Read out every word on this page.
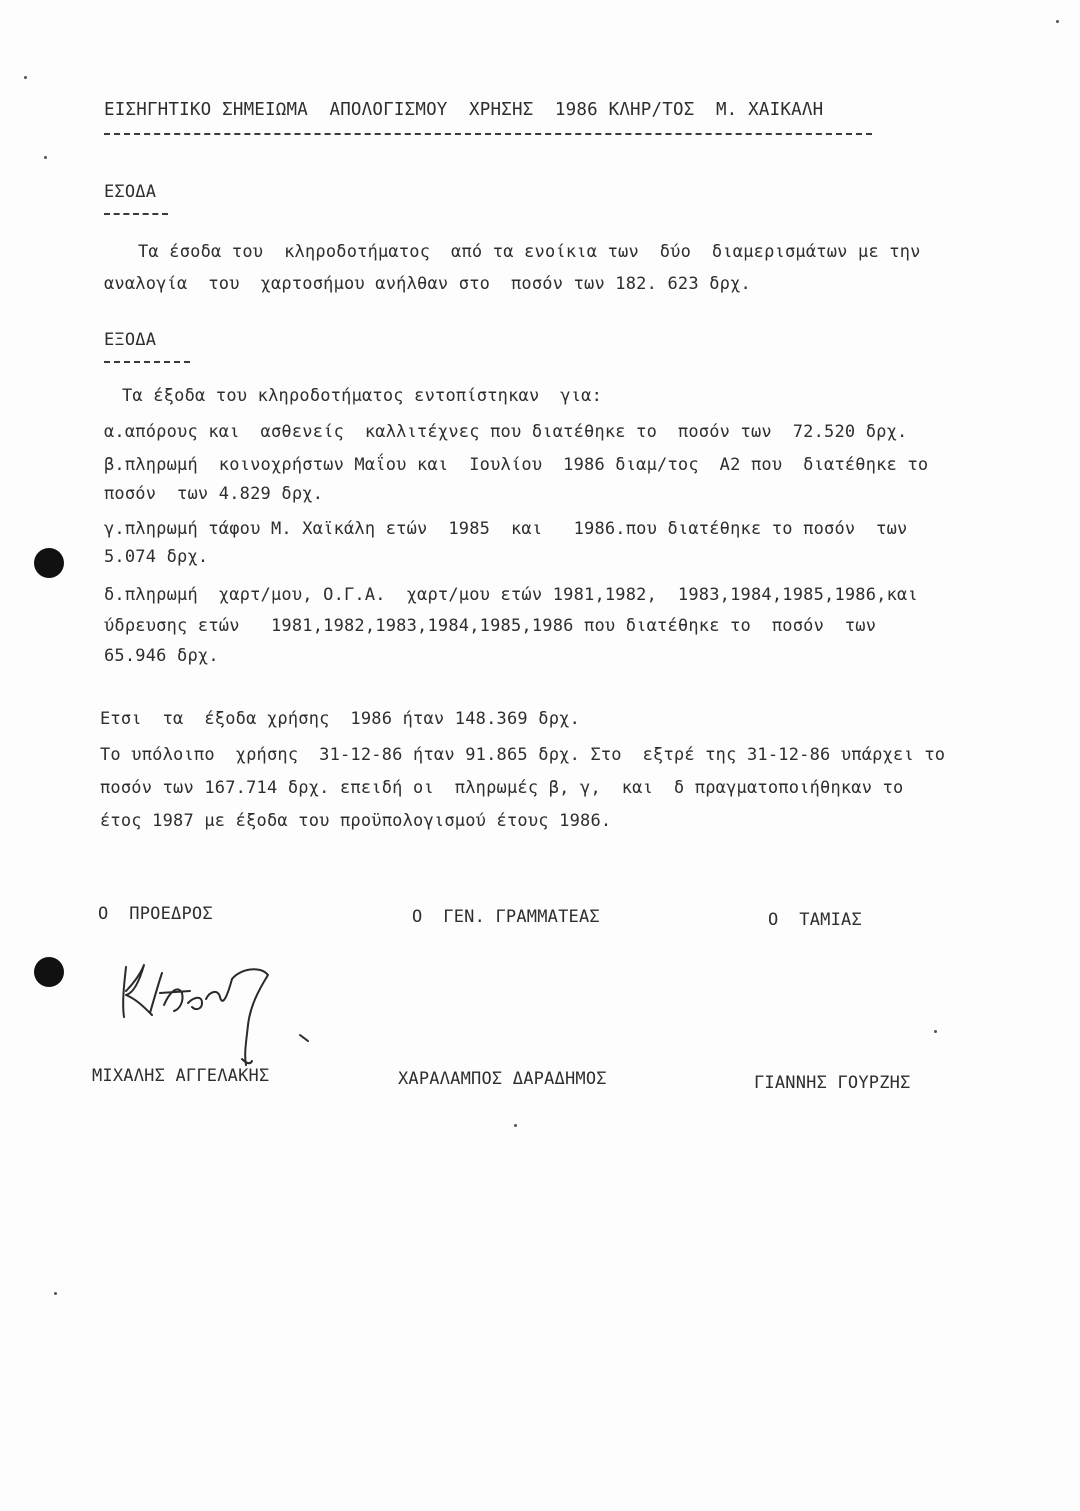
ΕΙΣΗΓΗΤΙΚΟ ΣΗΜΕΙΩΜΑ  ΑΠΟΛΟΓΙΣΜΟΥ  ΧΡΗΣΗΣ  1986 ΚΛΗΡ/ΤΟΣ  Μ. ΧΑΙΚΑΛΗ
ΕΣΟΔΑ
Τα έσοδα του  κληροδοτήματος  από τα ενοίκια των  δύο  διαμερισμάτων με την
αναλογία  του  χαρτοσήμου ανήλθαν στο  ποσόν των 182. 623 δρχ.
ΕΞΟΔΑ
Τα έξοδα του κληροδοτήματος εντοπίστηκαν  για:
α.απόρους και  ασθενείς  καλλιτέχνες που διατέθηκε το  ποσόν των  72.520 δρχ.
β.πληρωμή  κοινοχρήστων Μαΐου και  Ιουλίου  1986 διαμ/τος  Α2 που  διατέθηκε το
ποσόν  των 4.829 δρχ.
γ.πληρωμή τάφου Μ. Χαϊκάλη ετών  1985  και   1986.που διατέθηκε το ποσόν  των
5.074 δρχ.
δ.πληρωμή  χαρτ/μου, Ο.Γ.Α.  χαρτ/μου ετών 1981,1982,  1983,1984,1985,1986,και
ύδρευσης ετών   1981,1982,1983,1984,1985,1986 που διατέθηκε το  ποσόν  των
65.946 δρχ.
Ετσι  τα  έξοδα χρήσης  1986 ήταν 148.369 δρχ.
Το υπόλοιπο  χρήσης  31-12-86 ήταν 91.865 δρχ. Στο  εξτρέ της 31-12-86 υπάρχει το
ποσόν των 167.714 δρχ. επειδή οι  πληρωμές β, γ,  και  δ πραγματοποιήθηκαν το
έτος 1987 με έξοδα του προϋπολογισμού έτους 1986.
Ο  ΠΡΟΕΔΡΟΣ	Ο  ΓΕΝ. ΓΡΑΜΜΑΤΕΑΣ	Ο  ΤΑΜΙΑΣ
ΜΙΧΑΛΗΣ ΑΓΓΕΛΑΚΗΣ	ΧΑΡΑΛΑΜΠΟΣ ΔΑΡΑΔΗΜΟΣ	ΓΙΑΝΝΗΣ ΓΟΥΡΖΗΣ
